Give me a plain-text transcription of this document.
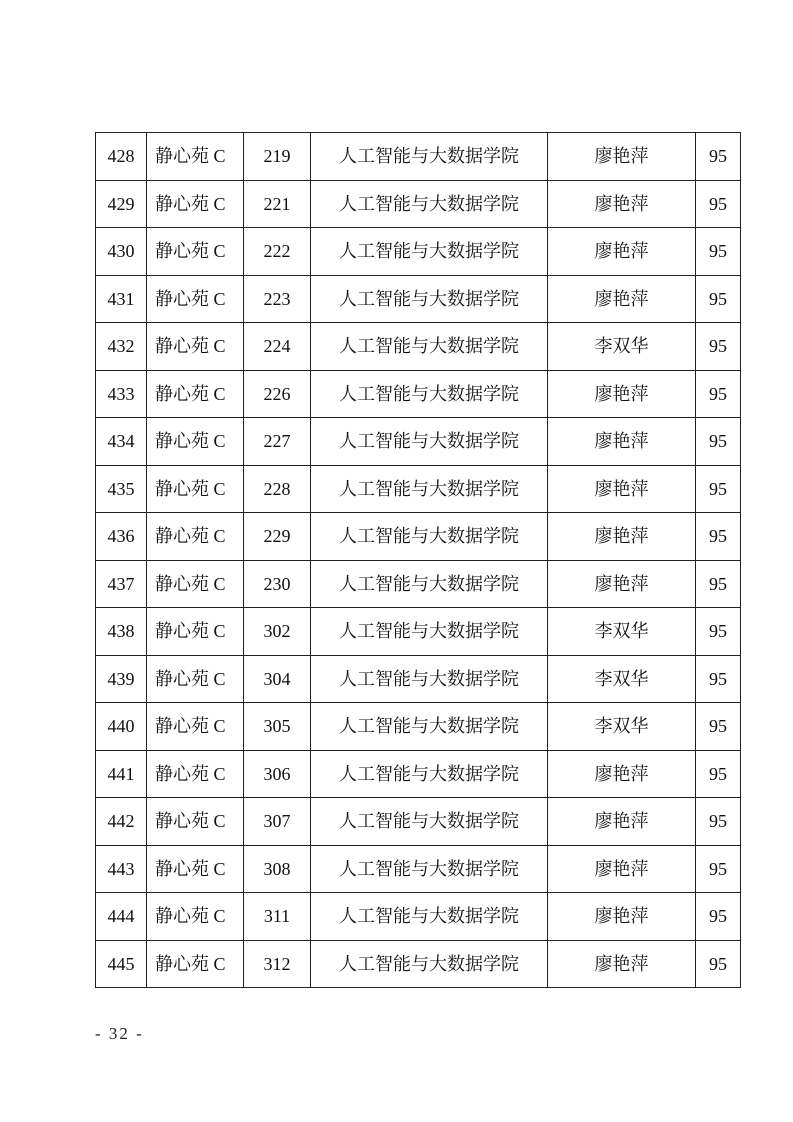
428	静心苑 C	219	人工智能与大数据学院	廖艳萍	95
429	静心苑 C	221	人工智能与大数据学院	廖艳萍	95
430	静心苑 C	222	人工智能与大数据学院	廖艳萍	95
431	静心苑 C	223	人工智能与大数据学院	廖艳萍	95
432	静心苑 C	224	人工智能与大数据学院	李双华	95
433	静心苑 C	226	人工智能与大数据学院	廖艳萍	95
434	静心苑 C	227	人工智能与大数据学院	廖艳萍	95
435	静心苑 C	228	人工智能与大数据学院	廖艳萍	95
436	静心苑 C	229	人工智能与大数据学院	廖艳萍	95
437	静心苑 C	230	人工智能与大数据学院	廖艳萍	95
438	静心苑 C	302	人工智能与大数据学院	李双华	95
439	静心苑 C	304	人工智能与大数据学院	李双华	95
440	静心苑 C	305	人工智能与大数据学院	李双华	95
441	静心苑 C	306	人工智能与大数据学院	廖艳萍	95
442	静心苑 C	307	人工智能与大数据学院	廖艳萍	95
443	静心苑 C	308	人工智能与大数据学院	廖艳萍	95
444	静心苑 C	311	人工智能与大数据学院	廖艳萍	95
445	静心苑 C	312	人工智能与大数据学院	廖艳萍	95
- 32 -
